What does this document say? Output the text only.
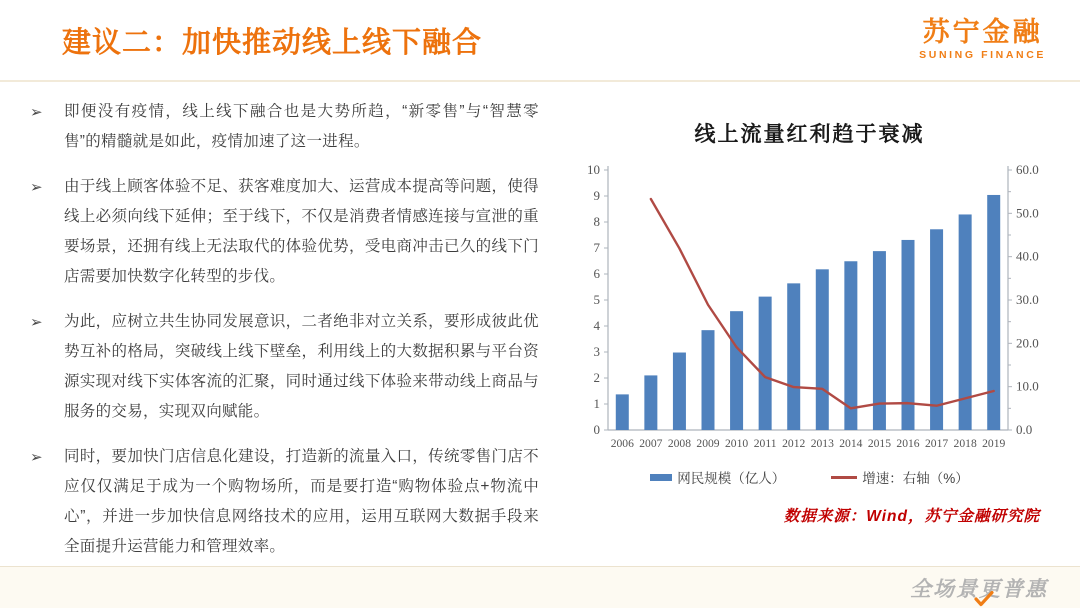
建议二：加快推动线上线下融合	苏宁金融
SUNING FINANCE
➢	即便没有疫情，线上线下融合也是大势所趋，“新零售”与“智慧零售”的精髓就是如此，疫情加速了这一进程。

➢	由于线上顾客体验不足、获客难度加大、运营成本提高等问题，使得线上必须向线下延伸；至于线下，不仅是消费者情感连接与宣泄的重要场景，还拥有线上无法取代的体验优势，受电商冲击已久的线下门店需要加快数字化转型的步伐。

➢	为此，应树立共生协同发展意识，二者绝非对立关系，要形成彼此优势互补的格局，突破线上线下壁垒，利用线上的大数据积累与平台资源实现对线下实体客流的汇聚，同时通过线下体验来带动线上商品与服务的交易，实现双向赋能。

➢	同时，要加快门店信息化建设，打造新的流量入口，传统零售门店不应仅仅满足于成为一个购物场所，而是要打造“购物体验点+物流中心”，并进一步加快信息网络技术的应用，运用互联网大数据手段来全面提升运营能力和管理效率。

线上流量红利趋于衰减
0
1
2
3
4
5
6
7
8
9
10
0.0
10.0
20.0
30.0
40.0
50.0
60.0
2006 2007 2008 2009 2010 2011 2012 2013 2014 2015 2016 2017 2018 2019
网民规模（亿人）	增速：右轴（%）
数据来源：Wind，苏宁金融研究院
全场景更普惠
